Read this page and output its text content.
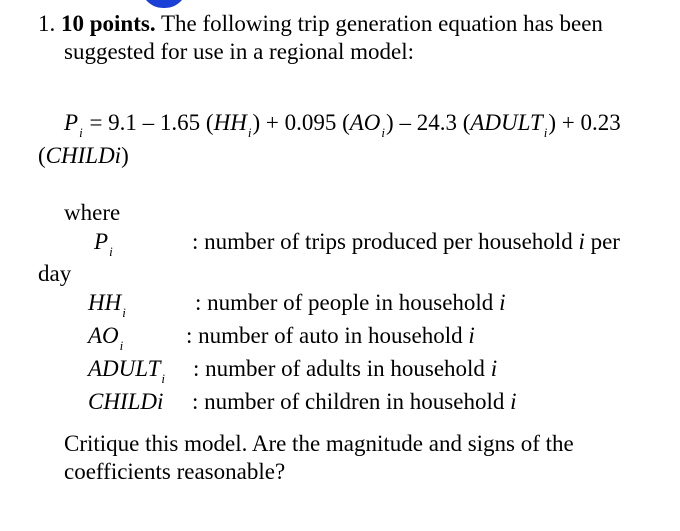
1. 10 points. The following trip generation equation has been
suggested for use in a regional model:
$P_i = 9.1 - 1.65$ $(HH_i) + 0.095$ $(AO_i) - 24.3$ $(ADULT_i) + 0.23$
(CHILDi)
where
$P_i$	: number of trips produced per household i per
day
$HH_i$	: number of people in household i
$AO_i$	: number of auto in household i
$ADULT_i$ : number of adults in household i
CHILDi : number of children in household i
Critique this model. Are the magnitude and signs of the
coefficients reasonable?
